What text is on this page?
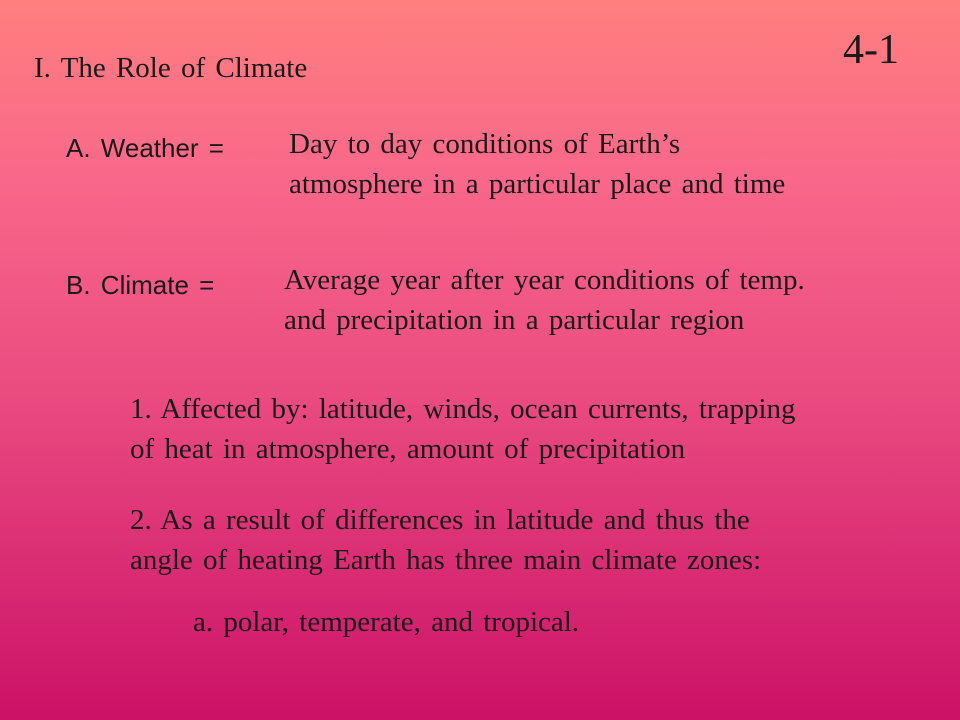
4-1
I. The Role of Climate
A. Weather = Day to day conditions of Earth’s
atmosphere in a particular place and time
B. Climate = Average year after year conditions of temp.
and precipitation in a particular region
1. Affected by: latitude, winds, ocean currents, trapping
of heat in atmosphere, amount of precipitation
2. As a result of differences in latitude and thus the
angle of heating Earth has three main climate zones:
a. polar, temperate, and tropical.
